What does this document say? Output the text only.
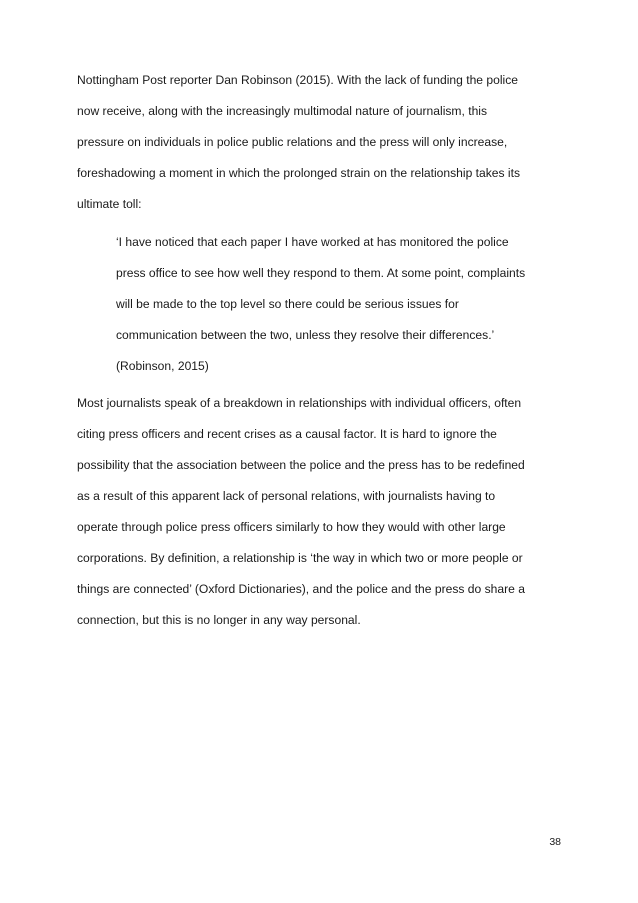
Nottingham Post reporter Dan Robinson (2015). With the lack of funding the police
now receive, along with the increasingly multimodal nature of journalism, this
pressure on individuals in police public relations and the press will only increase,
foreshadowing a moment in which the prolonged strain on the relationship takes its
ultimate toll:

‘I have noticed that each paper I have worked at has monitored the police
press office to see how well they respond to them. At some point, complaints
will be made to the top level so there could be serious issues for
communication between the two, unless they resolve their differences.’
(Robinson, 2015)

Most journalists speak of a breakdown in relationships with individual officers, often
citing press officers and recent crises as a causal factor. It is hard to ignore the
possibility that the association between the police and the press has to be redefined
as a result of this apparent lack of personal relations, with journalists having to
operate through police press officers similarly to how they would with other large
corporations. By definition, a relationship is ‘the way in which two or more people or
things are connected’ (Oxford Dictionaries), and the police and the press do share a
connection, but this is no longer in any way personal.

38
